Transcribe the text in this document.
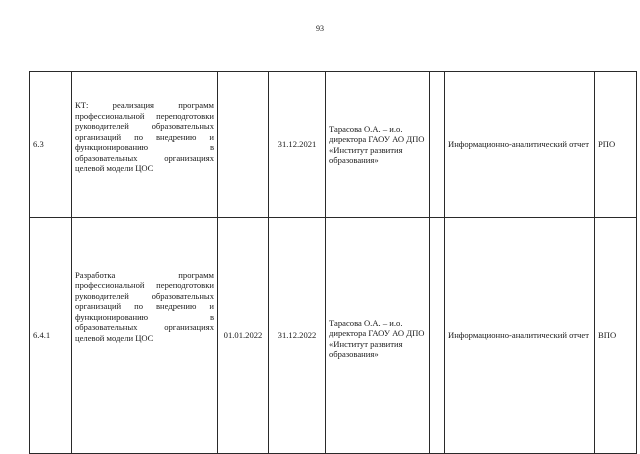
93
6.3	КТ: реализация программ профессиональной переподготовки руководителей образовательных организаций по внедрению и функционированию в образовательных организациях целевой модели ЦОС		31.12.2021	Тарасова О.А. – и.о. директора ГАОУ АО ДПО «Институт развития образования»		Информационно-аналитический отчет	РПО
6.4.1	Разработка программ профессиональной переподготовки руководителей образовательных организаций по внедрению и функционированию в образовательных организациях целевой модели ЦОС	01.01.2022	31.12.2022	Тарасова О.А. – и.о. директора ГАОУ АО ДПО «Институт развития образования»		Информационно-аналитический отчет	ВПО
